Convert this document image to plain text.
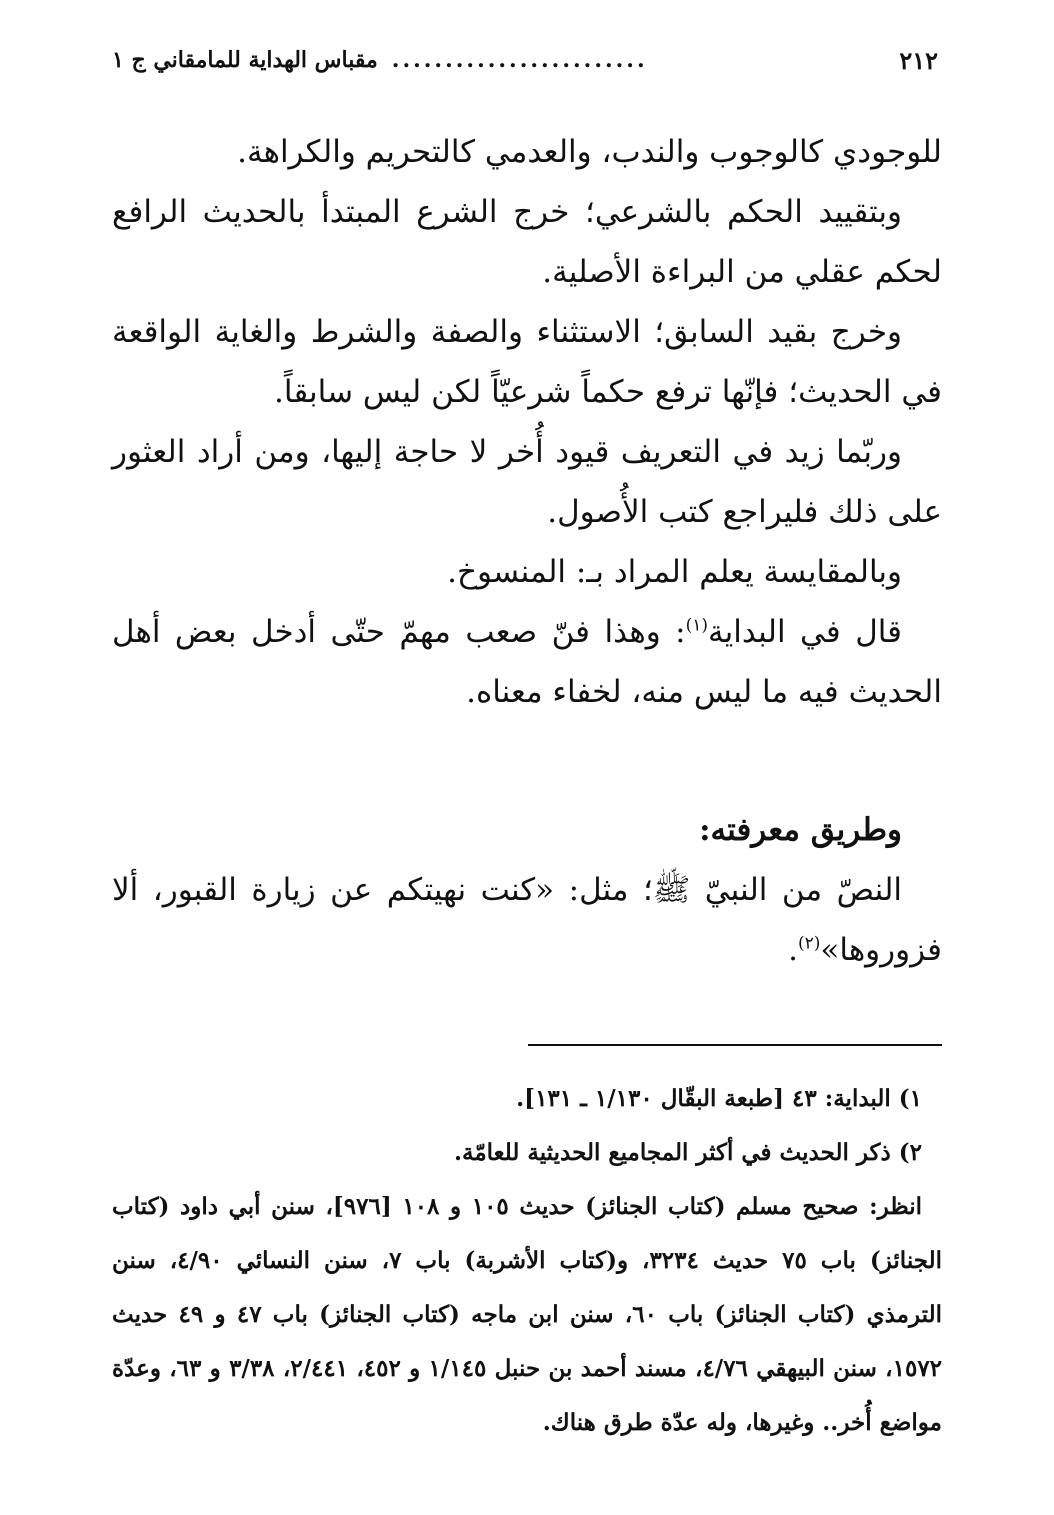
٢١٢
........................
مقباس الهداية للمامقاني ج ١

للوجودي كالوجوب والندب، والعدمي كالتحريم والكراهة.

وبتقييد الحكم بالشرعي؛ خرج الشرع المبتدأ بالحديث الرافع لحكم عقلي من البراءة الأصلية.

وخرج بقيد السابق؛ الاستثناء والصفة والشرط والغاية الواقعة في الحديث؛ فإنّها ترفع حكماً شرعيّاً لكن ليس سابقاً.

وربّما زيد في التعريف قيود أُخر لا حاجة إليها، ومن أراد العثور على ذلك فليراجع كتب الأُصول.

وبالمقايسة يعلم المراد بـ: المنسوخ.

قال في البداية$^{(١)}$: وهذا فنّ صعب مهمّ حتّى أدخل بعض أهل الحديث فيه ما ليس منه، لخفاء معناه.

وطريق معرفته:

النصّ من النبيّ ﷺ؛ مثل: «كنت نهيتكم عن زيارة القبور، ألا فزوروها»$^{(٢)}$.

١) البداية: ٤٣ [طبعة البقّال ١/١٣٠ ـ ١٣١].

٢) ذكر الحديث في أكثر المجاميع الحديثية للعامّة.

انظر: صحيح مسلم (كتاب الجنائز) حديث ١٠٥ و ١٠٨ [٩٧٦]، سنن أبي داود (كتاب الجنائز) باب ٧٥ حديث ٣٢٣٤، و(كتاب الأشربة) باب ٧، سنن النسائي ٤/٩٠، سنن الترمذي (كتاب الجنائز) باب ٦٠، سنن ابن ماجه (كتاب الجنائز) باب ٤٧ و ٤٩ حديث ١٥٧٢، سنن البيهقي ٤/٧٦، مسند أحمد بن حنبل ١/١٤٥ و ٤٥٢، ٢/٤٤١، ٣/٣٨ و ٦٣، وعدّة مواضع أُخر.. وغيرها، وله عدّة طرق هناك.
